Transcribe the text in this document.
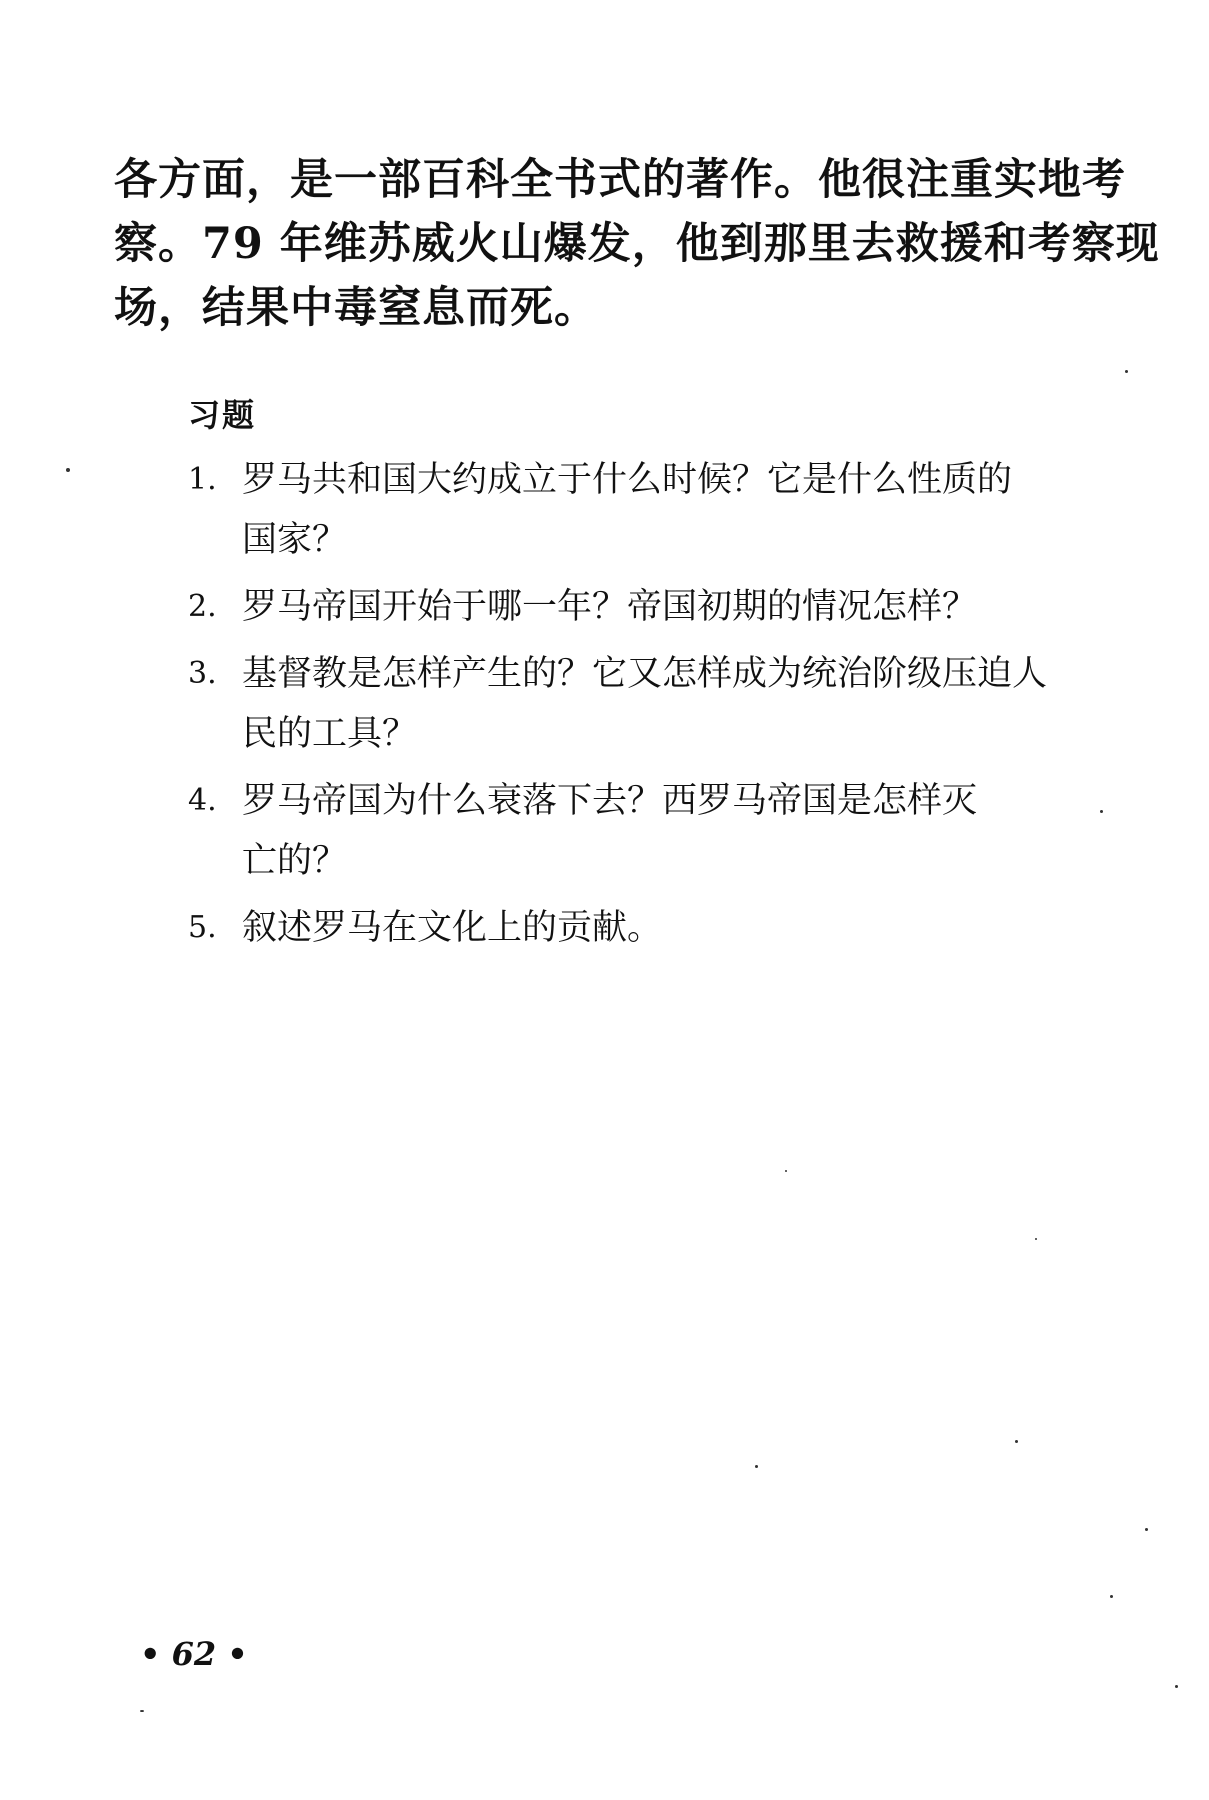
各方面，是一部百科全书式的著作。他很注重实地考
察。79 年维苏威火山爆发，他到那里去救援和考察现
场，结果中毒窒息而死。
习题
1. 罗马共和国大约成立于什么时候？它是什么性质的
国家？
2. 罗马帝国开始于哪一年？帝国初期的情况怎样？
3. 基督教是怎样产生的？它又怎样成为统治阶级压迫人
民的工具？
4. 罗马帝国为什么衰落下去？西罗马帝国是怎样灭
亡的？
5. 叙述罗马在文化上的贡献。
• 62 •
